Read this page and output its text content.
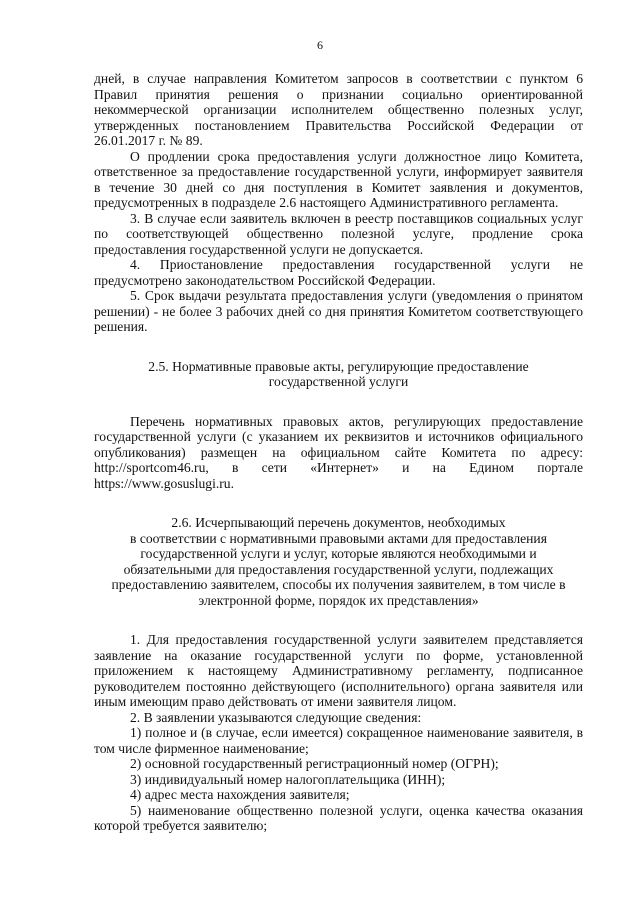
6

дней, в случае направления Комитетом запросов в соответствии с пунктом 6 Правил принятия решения о признании социально ориентированной некоммерческой организации исполнителем общественно полезных услуг, утвержденных постановлением Правительства Российской Федерации от 26.01.2017 г. № 89.

О продлении срока предоставления услуги должностное лицо Комитета, ответственное за предоставление государственной услуги, информирует заявителя в течение 30 дней со дня поступления в Комитет заявления и документов, предусмотренных в подразделе 2.6 настоящего Административного регламента.

3. В случае если заявитель включен в реестр поставщиков социальных услуг по соответствующей общественно полезной услуге, продление срока предоставления государственной услуги не допускается.

4. Приостановление предоставления государственной услуги не предусмотрено законодательством Российской Федерации.

5. Срок выдачи результата предоставления услуги (уведомления о принятом решении) - не более 3 рабочих дней со дня принятия Комитетом соответствующего решения.

2.5. Нормативные правовые акты, регулирующие предоставление
государственной услуги

Перечень нормативных правовых актов, регулирующих предоставление государственной услуги (с указанием их реквизитов и источников официального опубликования) размещен на официальном сайте Комитета по адресу: http://sportcom46.ru, в сети «Интернет» и на Едином портале https://www.gosuslugi.ru.

2.6. Исчерпывающий перечень документов, необходимых
в соответствии с нормативными правовыми актами для предоставления
государственной услуги и услуг, которые являются необходимыми и
обязательными для предоставления государственной услуги, подлежащих
предоставлению заявителем, способы их получения заявителем, в том числе в
электронной форме, порядок их представления»

1. Для предоставления государственной услуги заявителем представляется заявление на оказание государственной услуги по форме, установленной приложением к настоящему Административному регламенту, подписанное руководителем постоянно действующего (исполнительного) органа заявителя или иным имеющим право действовать от имени заявителя лицом.

2. В заявлении указываются следующие сведения:

1) полное и (в случае, если имеется) сокращенное наименование заявителя, в том числе фирменное наименование;

2) основной государственный регистрационный номер (ОГРН);

3) индивидуальный номер налогоплательщика (ИНН);

4) адрес места нахождения заявителя;

5) наименование общественно полезной услуги, оценка качества оказания которой требуется заявителю;
